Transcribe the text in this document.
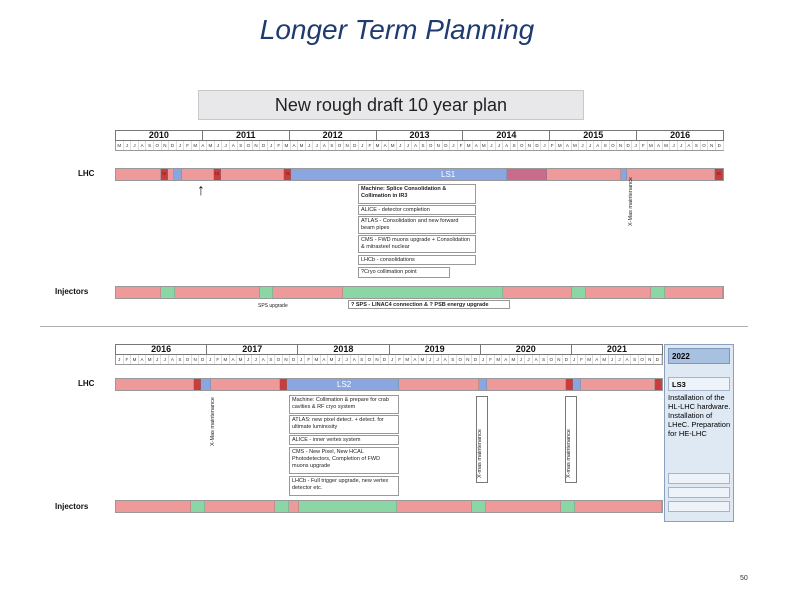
Longer Term Planning
New rough draft 10 year plan
2010	2011	2012	2013	2014	2015	2016
M	J	J	A	S O N D	J	F M A M	J	J	A	S O N D	J	F M A M	J	J	A	S O N D	J	F M A M	J	J	A	S O N D	J	F M A M	J	J	A	S O N D	J	F M A M	J	J	A	S O N D	J	F M A M	J	J	A	S O N D
LHC	TS	TS	TS	TS
LS1
↑	Machine: Splice Consolidation & Collimation in IR3
ALICE - detector completion
ATLAS - Consolidation and new forward beam pipes
CMS - FWD muons upgrade + Consolidation & mitrasteel nuclear
LHCb - consolidations
?Cryo collimation point
X-Mas maintenance
Injectors
SPS upgrade	? SPS - LINAC4 connection & ? PSB energy upgrade
2016	2017	2018	2019	2020	2021
J	F M A M	J	J	A	S O N D	J	F M A M	J	J	A	S O N D	J	F M A M	J	J	A	S O N D	J	F M A M	J	J	A	S O N D	J	F M A M	J	J	A	S O N D	J	F M A M	J	J	A	S O N D
LHC	LS2
X-Mas maintenance
X-mas maintenance	X-mas maintenance
Machine: Collimation & prepare for crab cavities & RF cryo system
ATLAS: new pixel detect. + detect. for ultimate luminosity
ALICE - inner vertex system
CMS - New Pixel, New HCAL Photodetectors, Completion of FWD muons upgrade
LHCb - Full trigger upgrade, new vertex detector etc.
Injectors
2022
LS3
Installation of the HL-LHC hardware. Installation of LHeC. Preparation for HE-LHC
50
